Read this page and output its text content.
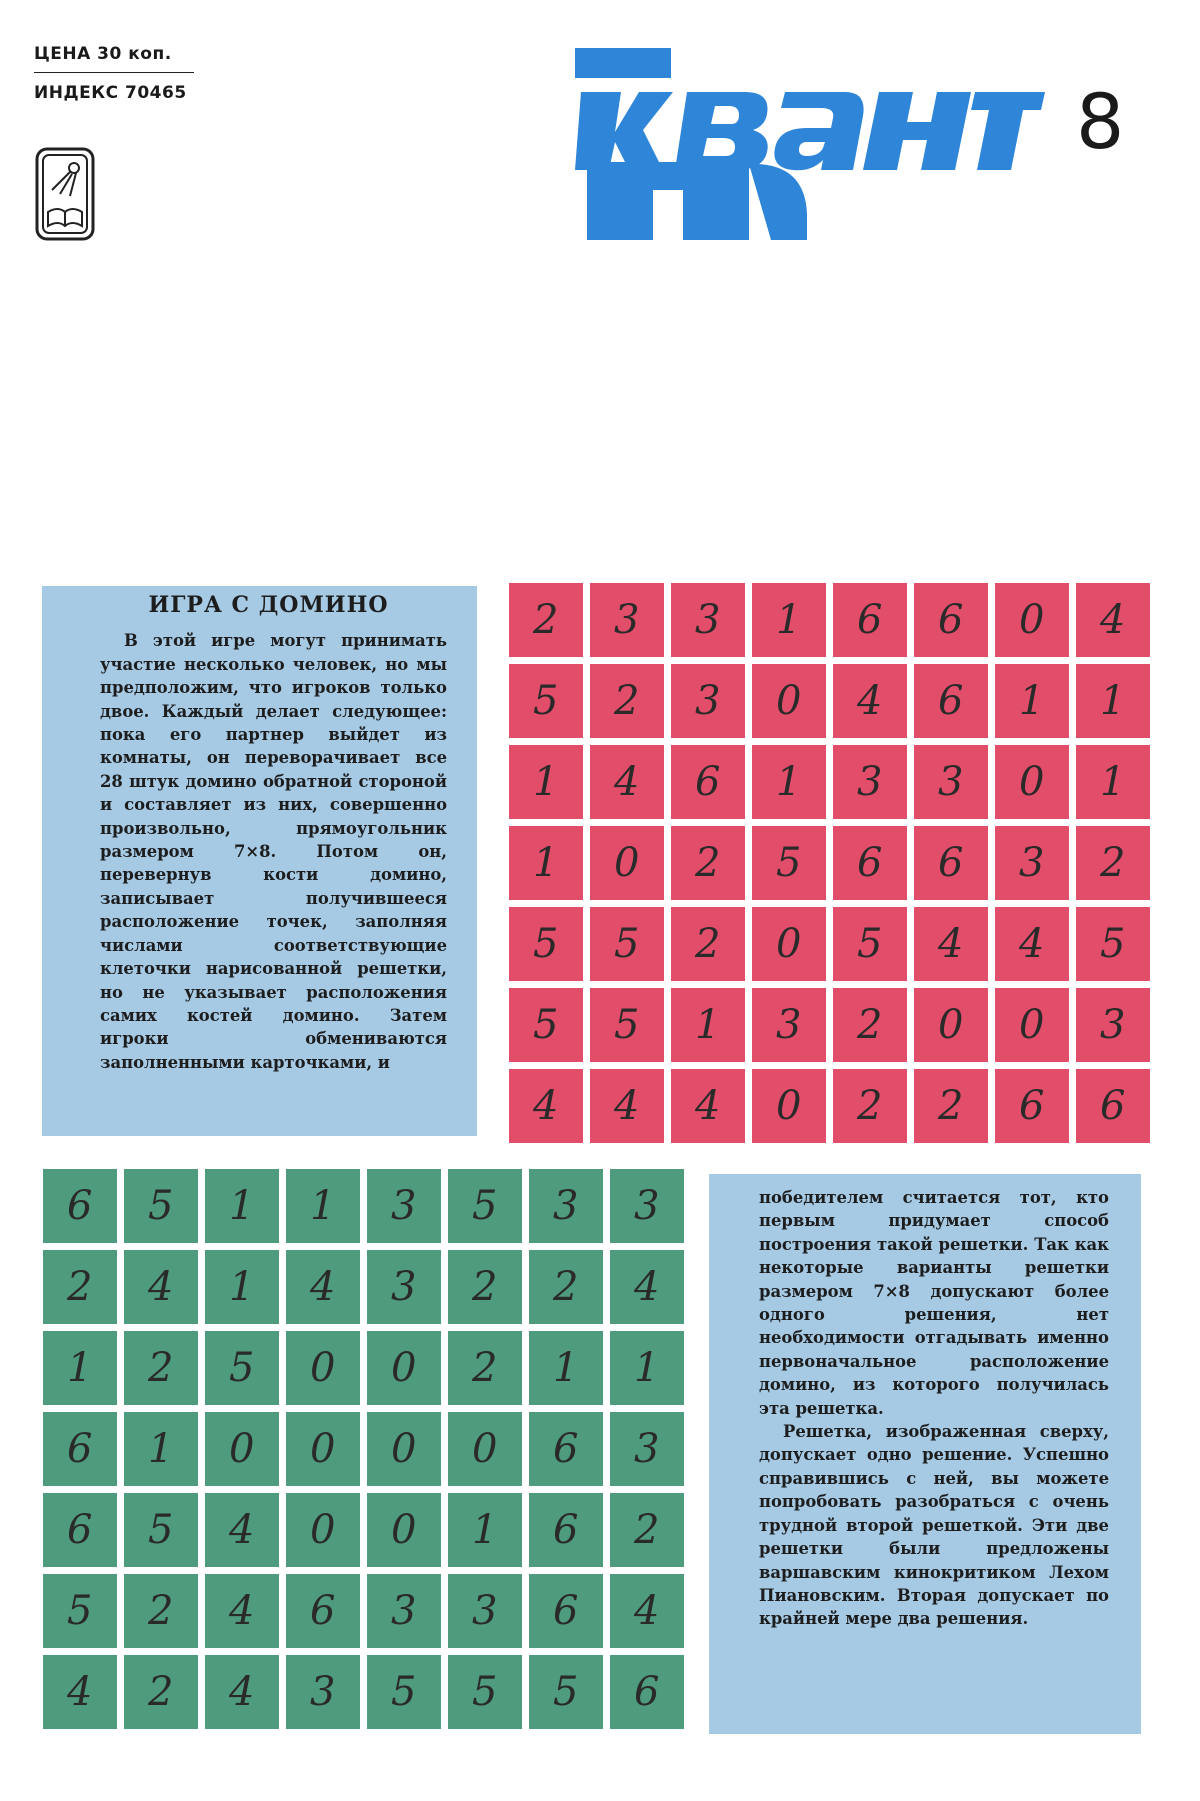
ЦЕНА 30 коп.
ИНДЕКС 70465	8
ИГРА С ДОМИНО

В этой игре могут принимать участие несколько человек, но мы предположим, что игроков только двое. Каждый делает следующее: пока его партнер выйдет из комнаты, он переворачивает все 28 штук домино обратной стороной и составляет из них, совершенно произвольно, прямоугольник размером 7×8. Потом он, перевернув кости домино, записывает получившееся расположение точек, заполняя числами соответствующие клеточки нарисованной решетки, но не указывает расположения самих костей домино. Затем игроки обмениваются заполненными карточками, и

2	3	3	1	6	6	0	4
5	2	3	0	4	6	1	1
1	4	6	1	3	3	0	1
1	0	2	5	6	6	3	2
5	5	2	0	5	4	4	5
5	5	1	3	2	0	0	3
4	4	4	0	2	2	6	6
6	5	1	1	3	5	3	3
2	4	1	4	3	2	2	4
1	2	5	0	0	2	1	1
6	1	0	0	0	0	6	3
6	5	4	0	0	1	6	2
5	2	4	6	3	3	6	4
4	2	4	3	5	5	5	6

победителем считается тот, кто первым придумает способ построения такой решетки. Так как некоторые варианты решетки размером 7×8 допускают более одного решения, нет необходимости отгадывать именно первоначальное расположение домино, из которого получилась эта решетка.

Решетка, изображенная сверху, допускает одно решение. Успешно справившись с ней, вы можете попробовать разобраться с очень трудной второй решеткой. Эти две решетки были предложены варшавским кинокритиком Лехом Пиановским. Вторая допускает по крайней мере два решения.
